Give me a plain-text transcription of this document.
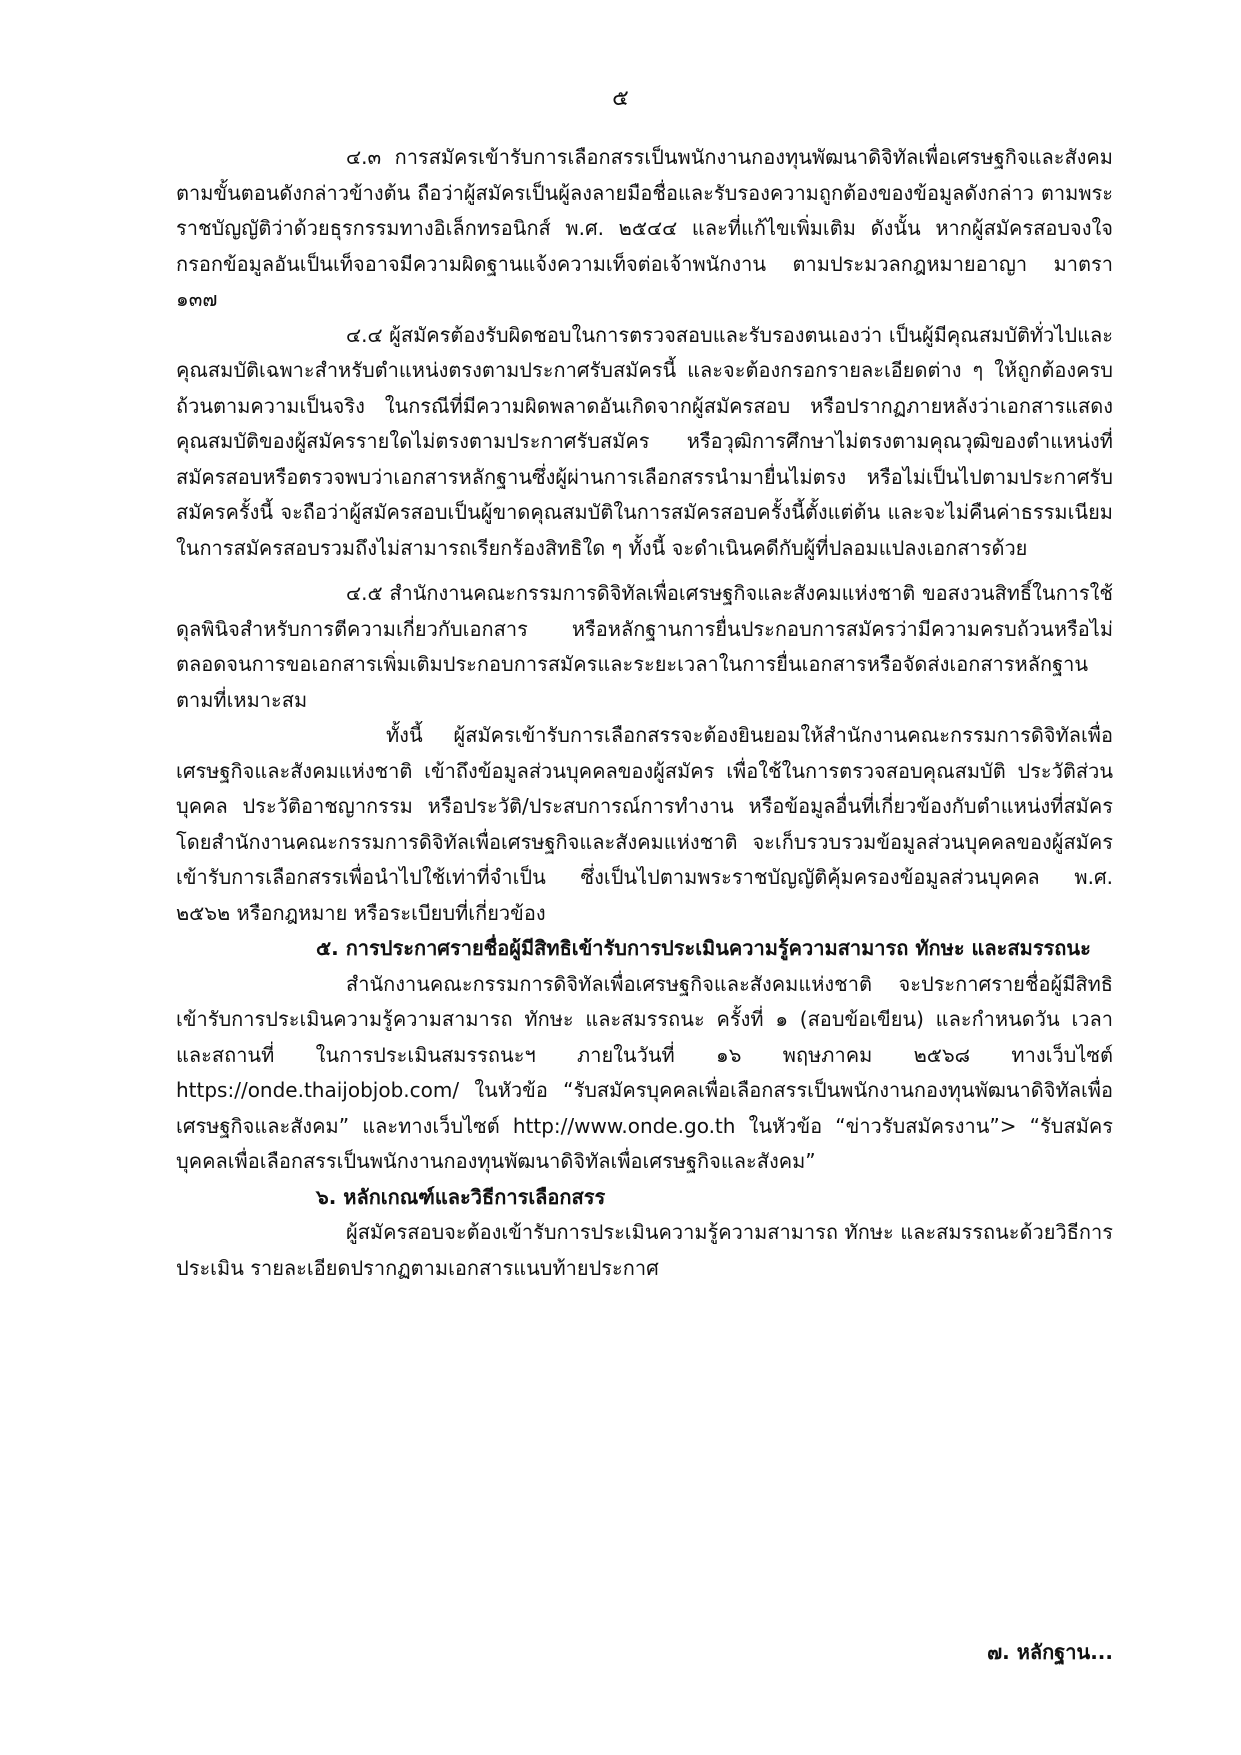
๕

๔.๓ การสมัครเข้ารับการเลือกสรรเป็นพนักงานกองทุนพัฒนาดิจิทัลเพื่อเศรษฐกิจและสังคม ตามขั้นตอนดังกล่าวข้างต้น ถือว่าผู้สมัครเป็นผู้ลงลายมือชื่อและรับรองความถูกต้องของข้อมูลดังกล่าว ตามพระราชบัญญัติว่าด้วยธุรกรรมทางอิเล็กทรอนิกส์ พ.ศ. ๒๕๔๔ และที่แก้ไขเพิ่มเติม ดังนั้น หากผู้สมัครสอบจงใจกรอกข้อมูลอันเป็นเท็จอาจมีความผิดฐานแจ้งความเท็จต่อเจ้าพนักงาน ตามประมวลกฎหมายอาญา มาตรา ๑๓๗

๔.๔ ผู้สมัครต้องรับผิดชอบในการตรวจสอบและรับรองตนเองว่า เป็นผู้มีคุณสมบัติทั่วไปและคุณสมบัติเฉพาะสำหรับตำแหน่งตรงตามประกาศรับสมัครนี้ และจะต้องกรอกรายละเอียดต่าง ๆ ให้ถูกต้องครบถ้วนตามความเป็นจริง ในกรณีที่มีความผิดพลาดอันเกิดจากผู้สมัครสอบ หรือปรากฏภายหลังว่าเอกสารแสดงคุณสมบัติของผู้สมัครรายใดไม่ตรงตามประกาศรับสมัคร หรือวุฒิการศึกษาไม่ตรงตามคุณวุฒิของตำแหน่งที่สมัครสอบหรือตรวจพบว่าเอกสารหลักฐานซึ่งผู้ผ่านการเลือกสรรนำมายื่นไม่ตรง หรือไม่เป็นไปตามประกาศรับสมัครครั้งนี้ จะถือว่าผู้สมัครสอบเป็นผู้ขาดคุณสมบัติในการสมัครสอบครั้งนี้ตั้งแต่ต้น และจะไม่คืนค่าธรรมเนียมในการสมัครสอบรวมถึงไม่สามารถเรียกร้องสิทธิใด ๆ ทั้งนี้ จะดำเนินคดีกับผู้ที่ปลอมแปลงเอกสารด้วย

๔.๕ สำนักงานคณะกรรมการดิจิทัลเพื่อเศรษฐกิจและสังคมแห่งชาติ ขอสงวนสิทธิ์ในการใช้ดุลพินิจสำหรับการตีความเกี่ยวกับเอกสาร หรือหลักฐานการยื่นประกอบการสมัครว่ามีความครบถ้วนหรือไม่ ตลอดจนการขอเอกสารเพิ่มเติมประกอบการสมัครและระยะเวลาในการยื่นเอกสารหรือจัดส่งเอกสารหลักฐานตามที่เหมาะสม

ทั้งนี้ ผู้สมัครเข้ารับการเลือกสรรจะต้องยินยอมให้สำนักงานคณะกรรมการดิจิทัลเพื่อเศรษฐกิจและสังคมแห่งชาติ เข้าถึงข้อมูลส่วนบุคคลของผู้สมัคร เพื่อใช้ในการตรวจสอบคุณสมบัติ ประวัติส่วนบุคคล ประวัติอาชญากรรม หรือประวัติ/ประสบการณ์การทำงาน หรือข้อมูลอื่นที่เกี่ยวข้องกับตำแหน่งที่สมัครโดยสำนักงานคณะกรรมการดิจิทัลเพื่อเศรษฐกิจและสังคมแห่งชาติ จะเก็บรวบรวมข้อมูลส่วนบุคคลของผู้สมัครเข้ารับการเลือกสรรเพื่อนำไปใช้เท่าที่จำเป็น ซึ่งเป็นไปตามพระราชบัญญัติคุ้มครองข้อมูลส่วนบุคคล พ.ศ. ๒๕๖๒ หรือกฎหมาย หรือระเบียบที่เกี่ยวข้อง

๕. การประกาศรายชื่อผู้มีสิทธิเข้ารับการประเมินความรู้ความสามารถ ทักษะ และสมรรถนะ

สำนักงานคณะกรรมการดิจิทัลเพื่อเศรษฐกิจและสังคมแห่งชาติ จะประกาศรายชื่อผู้มีสิทธิเข้ารับการประเมินความรู้ความสามารถ ทักษะ และสมรรถนะ ครั้งที่ ๑ (สอบข้อเขียน) และกำหนดวัน เวลา และสถานที่ ในการประเมินสมรรถนะฯ ภายในวันที่ ๑๖ พฤษภาคม ๒๕๖๘ ทางเว็บไซต์ https://onde.thaijobjob.com/ ในหัวข้อ “รับสมัครบุคคลเพื่อเลือกสรรเป็นพนักงานกองทุนพัฒนาดิจิทัลเพื่อเศรษฐกิจและสังคม” และทางเว็บไซต์ http://www.onde.go.th ในหัวข้อ “ข่าวรับสมัครงาน”> “รับสมัครบุคคลเพื่อเลือกสรรเป็นพนักงานกองทุนพัฒนาดิจิทัลเพื่อเศรษฐกิจและสังคม”

๖. หลักเกณฑ์และวิธีการเลือกสรร

ผู้สมัครสอบจะต้องเข้ารับการประเมินความรู้ความสามารถ ทักษะ และสมรรถนะด้วยวิธีการประเมิน รายละเอียดปรากฏตามเอกสารแนบท้ายประกาศ

๗. หลักฐาน...
